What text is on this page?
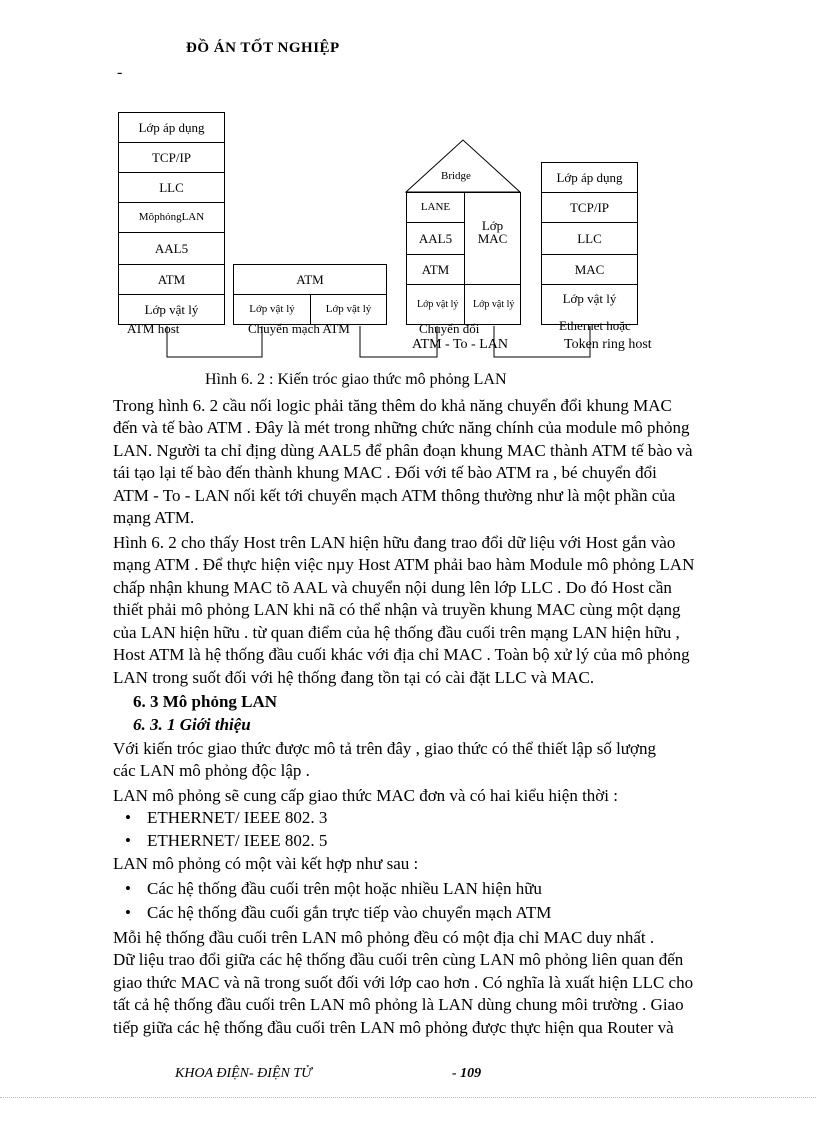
ĐỒ ÁN TỐT NGHIỆP
-
Lớp áp dụng
TCP/IP
LLC
MôphỏngLAN
AAL5
ATM
Lớp vật lý
ATM host
ATM
Lớp vật lý	Lớp vật lý
Chuyển mạch ATM
Bridge
LANE
AAL5
ATM
Lớp vật lý
Lớp MAC
Lớp vật lý
Chuyển đổi
ATM - To - LAN
Lớp áp dụng
TCP/IP
LLC
MAC
Lớp vật lý
Ethernet hoặc
Token ring host
Hình 6. 2 : Kiến tróc giao thức mô phỏng LAN
Trong hình 6. 2 cầu nối logic phải tăng thêm do khả năng chuyển đổi khung MAC
đến và tế bào ATM . Đây là mét trong những chức năng chính của module mô phỏng
LAN. Người ta chỉ địng dùng AAL5 để phân đoạn khung MAC thành ATM tế bào và
tái tạo lại tế bào đến thành khung MAC . Đối với tế bào ATM ra , bé chuyển đổi
ATM - To - LAN nối kết tới chuyển mạch ATM thông thường như là một phần của
mạng ATM.
Hình 6. 2 cho thấy Host trên LAN hiện hữu đang trao đổi dữ liệu với Host gắn vào
mạng ATM . Để thực hiện việc nµy Host ATM phải bao hàm Module mô phỏng LAN
chấp nhận khung MAC tõ AAL và chuyển nội dung lên lớp LLC . Do đó Host cần
thiết phải mô phỏng LAN khi nã có thể nhận và truyền khung MAC cùng một dạng
của LAN hiện hữu . từ quan điểm của hệ thống đầu cuối trên mạng LAN hiện hữu ,
Host ATM là hệ thống đầu cuối khác với địa chỉ MAC . Toàn bộ xử lý của mô phỏng
LAN trong suốt đối với hệ thống đang tồn tại có cài đặt LLC và MAC.
6. 3 Mô phỏng LAN
6. 3. 1 Giới thiệu
Với kiến tróc giao thức được mô tả trên đây , giao thức có thể thiết lập số lượng
các LAN mô phỏng độc lập .
LAN mô phỏng sẽ cung cấp giao thức MAC đơn và có hai kiểu hiện thời :
• ETHERNET/ IEEE 802. 3
• ETHERNET/ IEEE 802. 5
LAN mô phỏng có một vài kết hợp như sau :
• Các hệ thống đầu cuối trên một hoặc nhiều LAN hiện hữu
• Các hệ thống đầu cuối gắn trực tiếp vào chuyển mạch ATM
Mỗi hệ thống đầu cuối trên LAN mô phỏng đều có một địa chỉ MAC duy nhất .
Dữ liệu trao đổi giữa các hệ thống đầu cuối trên cùng LAN mô phỏng liên quan đến
giao thức MAC và nã trong suốt đối với lớp cao hơn . Có nghĩa là xuất hiện LLC cho
tất cả hệ thống đầu cuối trên LAN mô phỏng là LAN dùng chung môi trường . Giao
tiếp giữa các hệ thống đầu cuối trên LAN mô phỏng được thực hiện qua Router và
KHOA ĐIỆN- ĐIỆN TỬ	- 109
